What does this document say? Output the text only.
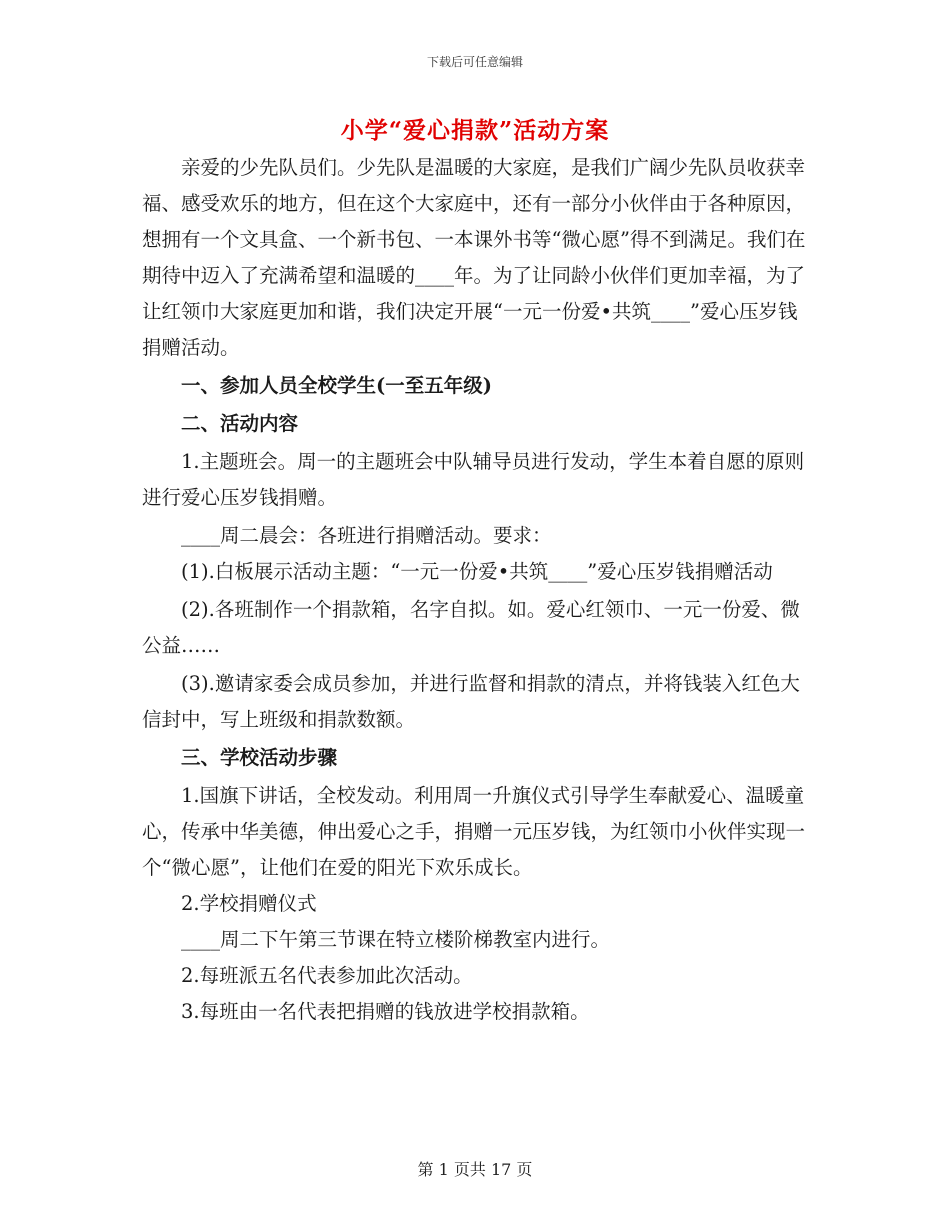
下载后可任意编辑
小学“爱心捐款”活动方案

亲爱的少先队员们。少先队是温暖的大家庭，是我们广阔少先队员收获幸福、感受欢乐的地方，但在这个大家庭中，还有一部分小伙伴由于各种原因，想拥有一个文具盒、一个新书包、一本课外书等“微心愿”得不到满足。我们在期待中迈入了充满希望和温暖的____年。为了让同龄小伙伴们更加幸福，为了让红领巾大家庭更加和谐，我们决定开展“一元一份爱•共筑____”爱心压岁钱捐赠活动。

一、参加人员全校学生(一至五年级)

二、活动内容

1.主题班会。周一的主题班会中队辅导员进行发动，学生本着自愿的原则进行爱心压岁钱捐赠。

____周二晨会：各班进行捐赠活动。要求：

(1).白板展示活动主题：“一元一份爱•共筑____”爱心压岁钱捐赠活动

(2).各班制作一个捐款箱，名字自拟。如。爱心红领巾、一元一份爱、微公益……

(3).邀请家委会成员参加，并进行监督和捐款的清点，并将钱装入红色大信封中，写上班级和捐款数额。

三、学校活动步骤

1.国旗下讲话，全校发动。利用周一升旗仪式引导学生奉献爱心、温暖童心，传承中华美德，伸出爱心之手，捐赠一元压岁钱，为红领巾小伙伴实现一个“微心愿”，让他们在爱的阳光下欢乐成长。

2.学校捐赠仪式

____周二下午第三节课在特立楼阶梯教室内进行。

2.每班派五名代表参加此次活动。

3.每班由一名代表把捐赠的钱放进学校捐款箱。

第 1 页共 17 页
